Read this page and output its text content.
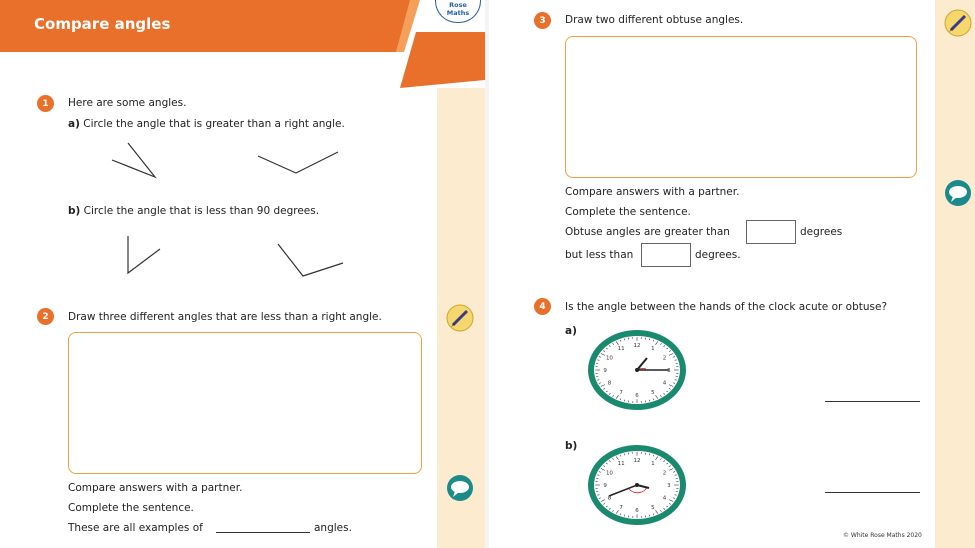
Compare angles
Rose
Maths
1	Here are some angles.
a) Circle the angle that is greater than a right angle.
b) Circle the angle that is less than 90 degrees.
2	Draw three different angles that are less than a right angle.
Compare answers with a partner.
Complete the sentence.
These are all examples of	angles.
3	Draw two different obtuse angles.
Compare answers with a partner.
Complete the sentence.
Obtuse angles are greater than	degrees
but less than	degrees.
4	Is the angle between the hands of the clock acute or obtuse?
a)
12
1
2
3
4
5
6
7
8
9
10
11
b)
12
1
2
3
4
5
6
7
8
9
10
11
© White Rose Maths 2020
